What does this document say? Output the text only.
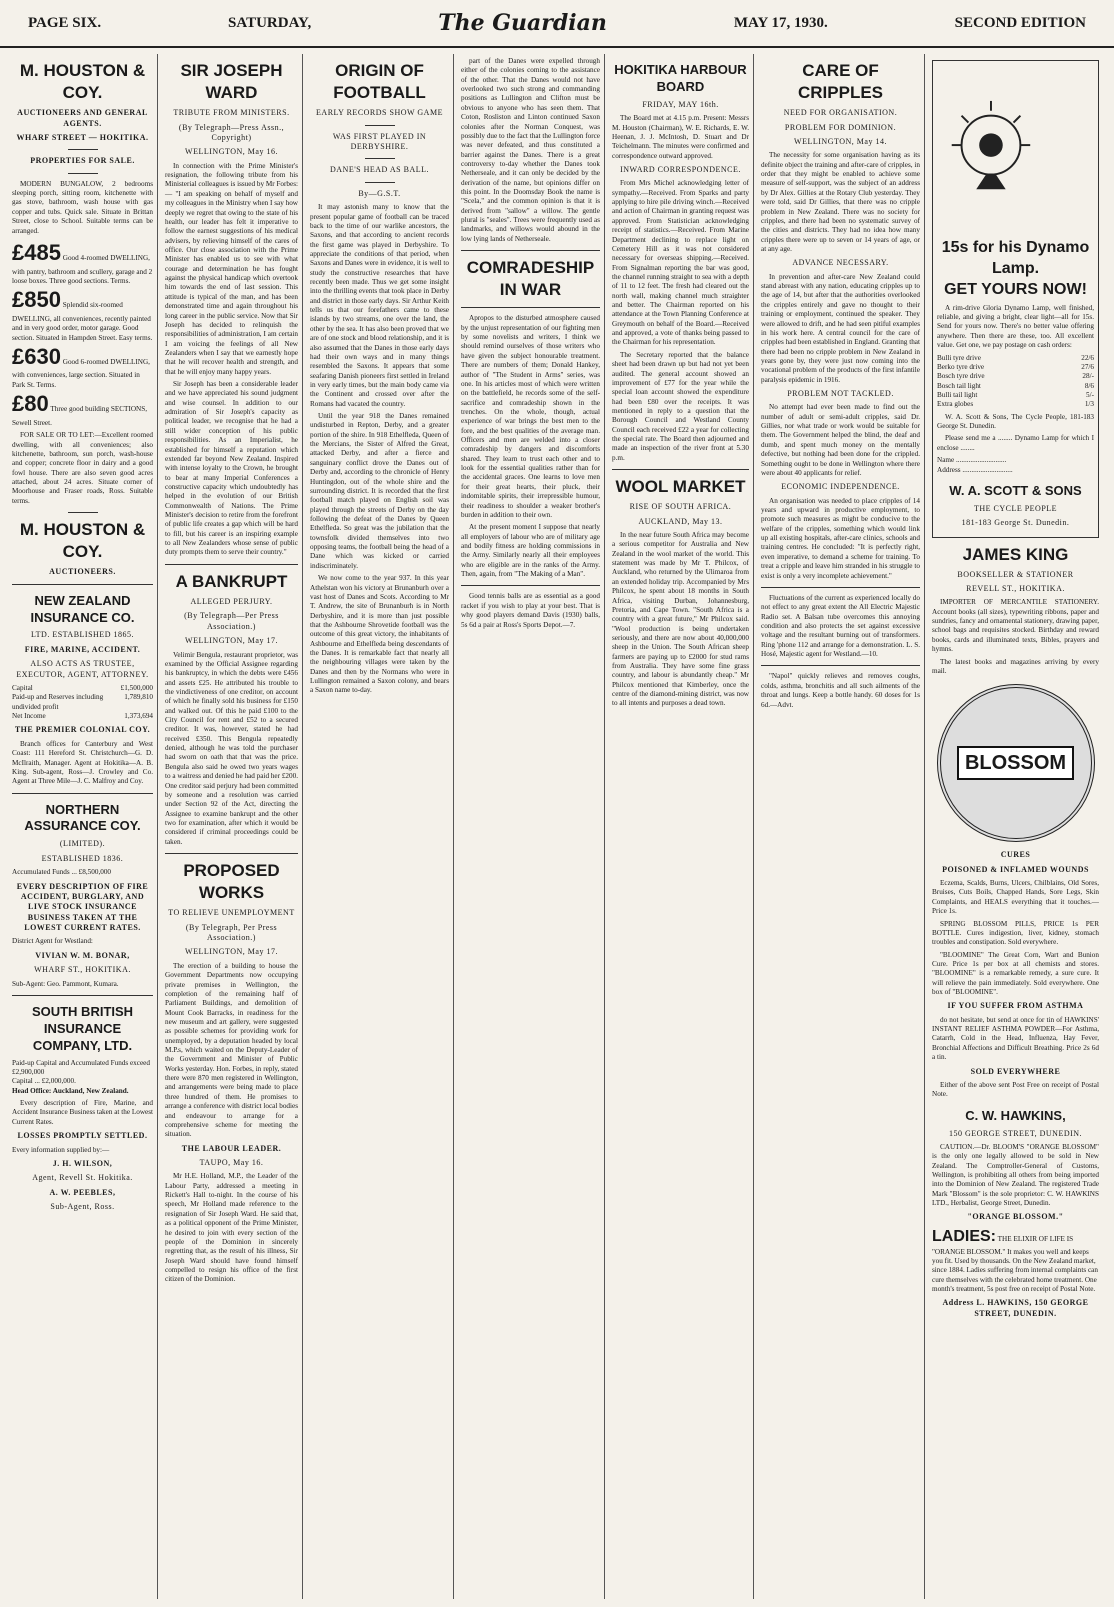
PAGE SIX.	SATURDAY,	The Guardian	MAY 17, 1930.	SECOND EDITION
M. HOUSTON & COY.
AUCTIONEERS AND GENERAL AGENTS.
WHARF STREET — HOKITIKA.
PROPERTIES FOR SALE.

MODERN BUNGALOW, 2 bedrooms sleeping porch, sitting room, kitchenette with gas stove, bathroom, wash house with gas copper and tubs. Quick sale. Situate in Brittan Street, close to School. Suitable terms can be arranged.

£485 Good 4-roomed DWELLING, with pantry, bathroom and scullery, garage and 2 loose boxes. Three good sections. Terms.
£850 Splendid six-roomed DWELLING, all conveniences, recently painted and in very good order, motor garage. Good section. Situated in Hampden Street. Easy terms.
£630 Good 6-roomed DWELLING, with conveniences, large section. Situated in Park St. Terms.
£80 Three good building SECTIONS, Sewell Street.

FOR SALE OR TO LET:—Excellent roomed dwelling, with all conveniences; also kitchenette, bathroom, sun porch, wash-house and copper; concrete floor in dairy and a good fowl house. There are also seven good acres attached, about 24 acres. Situate corner of Moorhouse and Fraser roads, Ross. Suitable terms.

M. HOUSTON & COY.
AUCTIONEERS.
NEW ZEALAND INSURANCE CO.
LTD. ESTABLISHED 1865.
FIRE, MARINE, ACCIDENT.
ALSO ACTS AS TRUSTEE, EXECUTOR, AGENT, ATTORNEY.
Capital	£1,500,000
Paid-up and Reserves including undivided profit
1,789,810
Net Income	1,373,694
THE PREMIER COLONIAL COY.

Branch offices for Canterbury and West Coast: 111 Hereford St. Christchurch—G. D. McIlraith, Manager. Agent at Hokitika—A. B. King. Sub-agent, Ross—J. Crowley and Co. Agent at Three Mile—J. C. Malfroy and Coy.

NORTHERN ASSURANCE COY.
(LIMITED).
ESTABLISHED 1836.
Accumulated Funds ... £8,500,000
EVERY DESCRIPTION OF FIRE ACCIDENT, BURGLARY, AND LIVE STOCK INSURANCE BUSINESS TAKEN AT THE LOWEST CURRENT RATES.
District Agent for Westland:
VIVIAN W. M. BONAR,
WHARF ST., HOKITIKA.
Sub-Agent: Geo. Pammont, Kumara.
SOUTH BRITISH INSURANCE COMPANY, LTD.
Paid-up Capital and Accumulated Funds exceed £2,900,000
Capital ... £2,000,000.
Head Office: Auckland, New Zealand.

Every description of Fire, Marine, and Accident Insurance Business taken at the Lowest Current Rates.

LOSSES PROMPTLY SETTLED.
Every information supplied by:—
J. H. WILSON,
Agent, Revell St. Hokitika.
A. W. PEEBLES,
Sub-Agent, Ross.
SIR JOSEPH WARD
TRIBUTE FROM MINISTERS.
(By Telegraph—Press Assn., Copyright)
WELLINGTON, May 16.

In connection with the Prime Minister's resignation, the following tribute from his Ministerial colleagues is issued by Mr Forbes:— "I am speaking on behalf of myself and my colleagues in the Ministry when I say how deeply we regret that owing to the state of his health, our leader has felt it imperative to follow the earnest suggestions of his medical advisers, by relieving himself of the cares of office. Our close association with the Prime Minister has enabled us to see with what courage and determination he has fought against the physical handicap which overtook him towards the end of last session. This attitude is typical of the man, and has been demonstrated time and again throughout his long career in the public service. Now that Sir Joseph has decided to relinquish the responsibilities of administration, I am certain I am voicing the feelings of all New Zealanders when I say that we earnestly hope that he will recover health and strength, and that he will enjoy many happy years.

Sir Joseph has been a considerable leader and we have appreciated his sound judgment and wise counsel. In addition to our admiration of Sir Joseph's capacity as political leader, we recognise that he had a still wider conception of his public responsibilities. As an Imperialist, he established for himself a reputation which extended far beyond New Zealand. Inspired with intense loyalty to the Crown, he brought to bear at many Imperial Conferences a constructive capacity which undoubtedly has helped in the evolution of our British Commonwealth of Nations. The Prime Minister's decision to retire from the forefront of public life creates a gap which will be hard to fill, but his career is an inspiring example to all New Zealanders whose sense of public duty prompts them to serve their country."

A BANKRUPT
ALLEGED PERJURY.
(By Telegraph—Per Press Association.)
WELLINGTON, May 17.

Velimir Bengula, restaurant proprietor, was examined by the Official Assignee regarding his bankruptcy, in which the debts were £456 and assets £25. He attributed his trouble to the vindictiveness of one creditor, on account of which he finally sold his business for £150 and walked out. Of this he paid £100 to the City Council for rent and £52 to a secured creditor. It was, however, stated he had received £350. This Bengula repeatedly denied, although he was told the purchaser had sworn on oath that that was the price. Bengula also said he owed two years wages to a waitress and denied he had paid her £200. One creditor said perjury had been committed by someone and a resolution was carried under Section 92 of the Act, directing the Assignee to examine bankrupt and the other two for examination, after which it would be considered if criminal proceedings could be taken.

PROPOSED WORKS
TO RELIEVE UNEMPLOYMENT
(By Telegraph, Per Press Association.)
WELLINGTON, May 17.

The erection of a building to house the Government Departments now occupying private premises in Wellington, the completion of the remaining half of Parliament Buildings, and demolition of Mount Cook Barracks, in readiness for the new museum and art gallery, were suggested as possible schemes for providing work for unemployed, by a deputation headed by local M.P.s, which waited on the Deputy-Leader of the Government and Minister of Public Works yesterday. Hon. Forbes, in reply, stated there were 870 men registered in Wellington, and arrangements were being made to place three hundred of them. He promises to arrange a conference with district local bodies and endeavour to arrange for a comprehensive scheme for meeting the situation.

THE LABOUR LEADER.
TAUPO, May 16.

Mr H.E. Holland, M.P., the Leader of the Labour Party, addressed a meeting in Rickett's Hall to-night. In the course of his speech, Mr Holland made reference to the resignation of Sir Joseph Ward. He said that, as a political opponent of the Prime Minister, he desired to join with every section of the people of the Dominion in sincerely regretting that, as the result of his illness, Sir Joseph Ward should have found himself compelled to resign his office of the first citizen of the Dominion.

ORIGIN OF FOOTBALL
EARLY RECORDS SHOW GAME
WAS FIRST PLAYED IN DERBYSHIRE.
DANE'S HEAD AS BALL.
By—G.S.T.

It may astonish many to know that the present popular game of football can be traced back to the time of our warlike ancestors, the Saxons, and that according to ancient records the first game was played in Derbyshire. To appreciate the conditions of that period, when Saxons and Danes were in evidence, it is well to study the constructive researches that have recently been made. Thus we get some insight into the thrilling events that took place in Derby and district in those early days. Sir Arthur Keith tells us that our forefathers came to these islands by two streams, one over the land, the other by the sea. It has also been proved that we are of one stock and blood relationship, and it is also assumed that the Danes in those early days had their own ways and in many things resembled the Saxons. It appears that some seafaring Danish pioneers first settled in Ireland in very early times, but the main body came via the Continent and crossed over after the Romans had vacated the country.

Until the year 918 the Danes remained undisturbed in Repton, Derby, and a greater portion of the shire. In 918 Ethelfleda, Queen of the Mercians, the Sister of Alfred the Great, attacked Derby, and after a fierce and sanguinary conflict drove the Danes out of Derby and, according to the chronicle of Henry Huntingdon, out of the whole shire and the surrounding district. It is recorded that the first football match played on English soil was played through the streets of Derby on the day following the defeat of the Danes by Queen Ethelfleda. So great was the jubilation that the townsfolk divided themselves into two opposing teams, the football being the head of a Dane which was kicked or carried indiscriminately.

We now come to the year 937. In this year Athelstan won his victory at Brunanburh over a vast host of Danes and Scots. According to Mr T. Andrew, the site of Brunanburh is in North Derbyshire, and it is more than just possible that the Ashbourne Shrovetide football was the outcome of this great victory, the inhabitants of Ashbourne and Ethelfleda being descendants of the Danes. It is remarkable fact that nearly all the neighbouring villages were taken by the Danes and then by the Normans who were in Lullington remained a Saxon colony, and bears a Saxon name to-day.

part of the Danes were expelled through either of the colonies coming to the assistance of the other. That the Danes would not have overlooked two such strong and commanding positions as Lullington and Clifton must be obvious to anyone who has seen them. That Coton, Rosliston and Linton continued Saxon colonies after the Norman Conquest, was possibly due to the fact that the Lullington force was never defeated, and thus constituted a barrier against the Danes. There is a great controversy to-day whether the Danes took Netherseale, and it can only be decided by the derivation of the name, but opinions differ on this point. In the Doomsday Book the name is "Scela," and the common opinion is that it is derived from "sallow" a willow. The gentle plural is "seales". Trees were frequently used as landmarks, and willows would abound in the low lying lands of Netherseale.

COMRADESHIP IN WAR

Apropos to the disturbed atmosphere caused by the unjust representation of our fighting men by some novelists and writers, I think we should remind ourselves of those writers who have given the subject honourable treatment. There are numbers of them; Donald Hankey, author of "The Student in Arms" series, was one. In his articles most of which were written on the battlefield, he records some of the self-sacrifice and comradeship shown in the trenches. On the whole, though, actual experience of war brings the best men to the fore, and the best qualities of the average man. Officers and men are welded into a closer comradeship by dangers and discomforts shared. They learn to trust each other and to look for the essential qualities rather than for the accidental graces. One learns to love men for their great hearts, their pluck, their indomitable spirits, their irrepressible humour, their readiness to shoulder a weaker brother's burden in addition to their own.

At the present moment I suppose that nearly all employers of labour who are of military age and bodily fitness are holding commissions in the Army. Similarly nearly all their employees who are eligible are in the ranks of the Army. Then, again, from "The Making of a Man".

Good tennis balls are as essential as a good racket if you wish to play at your best. That is why good players demand Davis (1930) balls, 5s 6d a pair at Ross's Sports Depot.—7.

HOKITIKA HARBOUR BOARD
FRIDAY, MAY 16th.

The Board met at 4.15 p.m. Present: Messrs M. Houston (Chairman), W. E. Richards, E. W. Heenan, J. J. McIntosh, D. Stuart and Dr Teichelmann. The minutes were confirmed and correspondence outward approved.

INWARD CORRESPONDENCE.

From Mrs Michel acknowledging letter of sympathy.—Received. From Sparks and party applying to hire pile driving winch.—Received and action of Chairman in granting request was approved. From Statistician acknowledging receipt of statistics.—Received. From Marine Department declining to replace light on Cemetery Hill as it was not considered necessary for overseas shipping.—Received. From Signalman reporting the bar was good, the channel running straight to sea with a depth of 11 to 12 feet. The fresh had cleared out the north wall, making channel much straighter and better. The Chairman reported on his attendance at the Town Planning Conference at Greymouth on behalf of the Board.—Received and approved, a vote of thanks being passed to the Chairman for his representation.

The Secretary reported that the balance sheet had been drawn up but had not yet been audited. The general account showed an improvement of £77 for the year while the special loan account showed the expenditure had been £80 over the receipts. It was mentioned in reply to a question that the Borough Council and Westland County Council each received £22 a year for collecting the special rate. The Board then adjourned and made an inspection of the river front at 5.30 p.m.

WOOL MARKET
RISE OF SOUTH AFRICA.
AUCKLAND, May 13.

In the near future South Africa may become a serious competitor for Australia and New Zealand in the wool market of the world. This statement was made by Mr T. Philcox, of Auckland, who returned by the Ulimaroa from an extended holiday trip. Accompanied by Mrs Philcox, he spent about 18 months in South Africa, visiting Durban, Johannesburg, Pretoria, and Cape Town. "South Africa is a country with a great future," Mr Philcox said. "Wool production is being undertaken seriously, and there are now about 40,000,000 sheep in the Union. The South African sheep farmers are paying up to £2000 for stud rams from Australia. They have some fine grass country, and labour is abundantly cheap." Mr Philcox mentioned that Kimberley, once the centre of the diamond-mining district, was now to all intents and purposes a dead town.

CARE OF CRIPPLES
NEED FOR ORGANISATION.
PROBLEM FOR DOMINION.
WELLINGTON, May 14.

The necessity for some organisation having as its definite object the training and after-care of cripples, in order that they might be enabled to achieve some measure of self-support, was the subject of an address by Dr Alex. Gillies at the Rotary Club yesterday. They were told, said Dr Gillies, that there was no cripple problem in New Zealand. There was no society for cripples, and there had been no systematic survey of the cities and districts. They had no idea how many cripples there were up to seven or 14 years of age, or at any age.

ADVANCE NECESSARY.

In prevention and after-care New Zealand could stand abreast with any nation, educating cripples up to the age of 14, but after that the authorities overlooked the cripples entirely and gave no thought to their training or employment, continued the speaker. They were allowed to drift, and he had seen pitiful examples in his work here. A central council for the care of cripples had been established in England. Granting that there had been no cripple problem in New Zealand in years gone by, they were just now coming into the vocational problem of the products of the first infantile paralysis epidemic in 1916.

PROBLEM NOT TACKLED.

No attempt had ever been made to find out the number of adult or semi-adult cripples, said Dr. Gillies, nor what trade or work would be suitable for them. The Government helped the blind, the deaf and dumb, and spent much money on the mentally defective, but nothing had been done for the crippled. Something ought to be done in Wellington where there were about 40 applicants for relief.

ECONOMIC INDEPENDENCE.

An organisation was needed to place cripples of 14 years and upward in productive employment, to promote such measures as might be conducive to the welfare of the cripples, something which would link up all existing hospitals, after-care clinics, schools and training centres. He concluded: "It is perfectly right, even imperative, to demand a scheme for training. To treat a cripple and leave him stranded in his struggle to exist is only a very incomplete achievement."

Fluctuations of the current as experienced locally do not effect to any great extent the All Electric Majestic Radio set. A Balsan tube overcomes this annoying condition and also protects the set against excessive voltage and the resultant burning out of transformers. Ring 'phone 112 and arrange for a demonstration. L. S. Hosé, Majestic agent for Westland.—10.

"Napol" quickly relieves and removes coughs, colds, asthma, bronchitis and all such ailments of the throat and lungs. Keep a bottle handy. 60 doses for 1s 6d.—Advt.

15s for his Dynamo Lamp.
GET YOURS NOW!

A rim-drive Gloria Dynamo Lamp, well finished, reliable, and giving a bright, clear light—all for 15s. Send for yours now. There's no better value offering anywhere. Then there are these, too. All excellent value. Get one, we pay postage on cash orders:

Bulli tyre drive	22/6
Berko tyre drive	27/6
Bosch tyre drive	28/-
Bosch tail light	8/6
Bulli tail light	5/-
Extra globes	1/3

W. A. Scott & Sons, The Cycle People, 181-183 George St. Dunedin.

Please send me a ........ Dynamo Lamp for which I enclose ........

Name ............................
Address ............................
W. A. SCOTT & SONS
THE CYCLE PEOPLE
181-183 George St. Dunedin.
JAMES KING
BOOKSELLER & STATIONER
REVELL ST., HOKITIKA.

IMPORTER OF MERCANTILE STATIONERY. Account books (all sizes), typewriting ribbons, paper and sundries, fancy and ornamental stationery, drawing paper, school bags and requisites stocked. Birthday and reward books, cards and illuminated texts, Bibles, prayers and hymns.

The latest books and magazines arriving by every mail.

BLOSSOM
CURES
POISONED & INFLAMED WOUNDS

Eczema, Scalds, Burns, Ulcers, Chilblains, Old Sores, Bruises, Cuts Boils, Chapped Hands, Sore Legs, Skin Complaints, and HEALS everything that it touches.—Price 1s.

SPRING BLOSSOM PILLS, PRICE 1s PER BOTTLE. Cures indigestion, liver, kidney, stomach troubles and constipation. Sold everywhere.

"BLOOMINE" The Great Corn, Wart and Bunion Cure. Price 1s per box at all chemists and stores. "BLOOMINE" is a remarkable remedy, a sure cure. It will relieve the pain immediately. Sold everywhere. One box of "BLOOMINE".

IF YOU SUFFER FROM ASTHMA

do not hesitate, but send at once for tin of HAWKINS' INSTANT RELIEF ASTHMA POWDER—For Asthma, Catarrh, Cold in the Head, Influenza, Hay Fever, Bronchial Affections and Difficult Breathing. Price 2s 6d a tin.

SOLD EVERYWHERE

Either of the above sent Post Free on receipt of Postal Note.

C. W. HAWKINS,
150 GEORGE STREET, DUNEDIN.

CAUTION.—Dr. BLOOM'S "ORANGE BLOSSOM" is the only one legally allowed to be sold in New Zealand. The Comptroller-General of Customs, Wellington, is prohibiting all others from being imported into the Dominion of New Zealand. The registered Trade Mark "Blossom" is the sole proprietor: C. W. HAWKINS LTD., Herbalist, George Street, Dunedin.

"ORANGE BLOSSOM."
LADIES: THE ELIXIR OF LIFE IS "ORANGE BLOSSOM." It makes you well and keeps you fit. Used by thousands. On the New Zealand market, since 1884. Ladies suffering from internal complaints can cure themselves with the celebrated home treatment. One month's treatment, 5s post free on receipt of Postal Note.
Address L. HAWKINS, 150 GEORGE STREET, DUNEDIN.
